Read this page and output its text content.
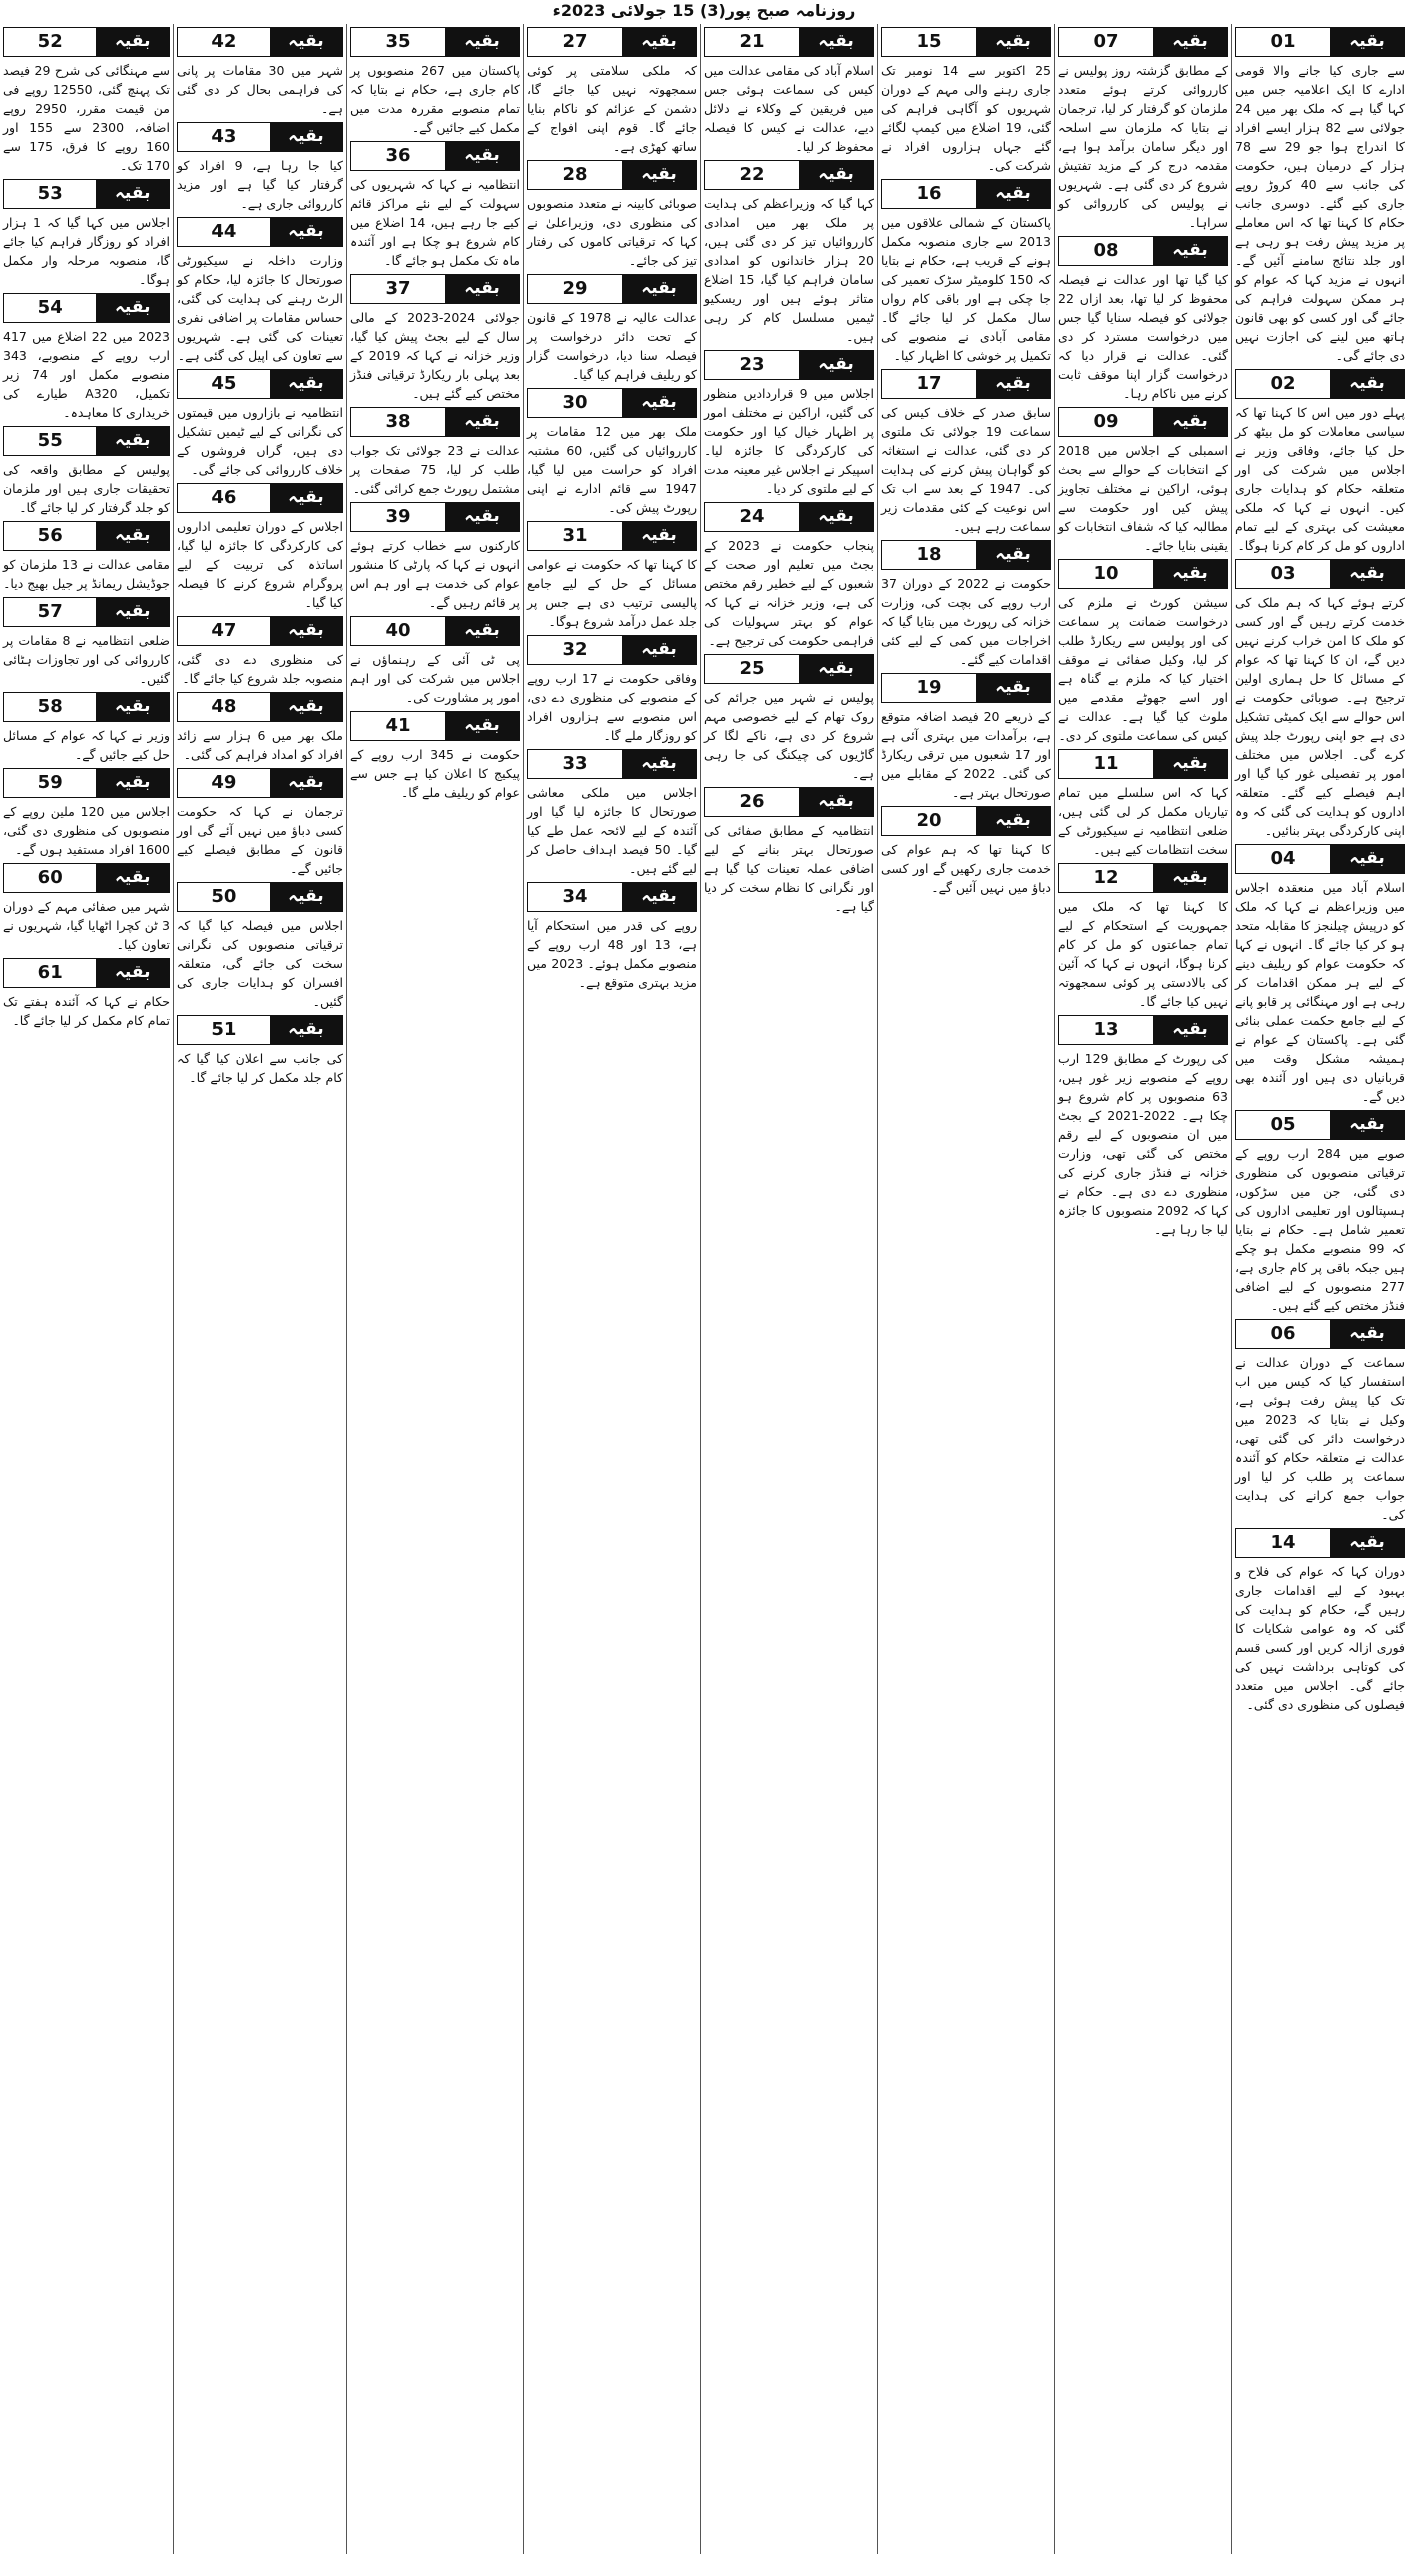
روزنامہ صبح پور(3) 15 جولائی 2023ء
01	بقیہ

سے جاری کیا جانے والا قومی ادارے کا ایک اعلامیہ جس میں کہا گیا ہے کہ ملک بھر میں 24 جولائی سے 82 ہزار ایسے افراد کا اندراج ہوا جو 29 سے 78 ہزار کے درمیان ہیں، حکومت کی جانب سے 40 کروڑ روپے جاری کیے گئے۔ دوسری جانب حکام کا کہنا تھا کہ اس معاملے پر مزید پیش رفت ہو رہی ہے اور جلد نتائج سامنے آئیں گے۔ انہوں نے مزید کہا کہ عوام کو ہر ممکن سہولت فراہم کی جائے گی اور کسی کو بھی قانون ہاتھ میں لینے کی اجازت نہیں دی جائے گی۔

02	بقیہ

پہلے دور میں اس کا کہنا تھا کہ سیاسی معاملات کو مل بیٹھ کر حل کیا جائے، وفاقی وزیر نے اجلاس میں شرکت کی اور متعلقہ حکام کو ہدایات جاری کیں۔ انہوں نے کہا کہ ملکی معیشت کی بہتری کے لیے تمام اداروں کو مل کر کام کرنا ہوگا۔

03	بقیہ

کرتے ہوئے کہا کہ ہم ملک کی خدمت کرتے رہیں گے اور کسی کو ملک کا امن خراب کرنے نہیں دیں گے، ان کا کہنا تھا کہ عوام کے مسائل کا حل ہماری اولین ترجیح ہے۔ صوبائی حکومت نے اس حوالے سے ایک کمیٹی تشکیل دی ہے جو اپنی رپورٹ جلد پیش کرے گی۔ اجلاس میں مختلف امور پر تفصیلی غور کیا گیا اور اہم فیصلے کیے گئے۔ متعلقہ اداروں کو ہدایت کی گئی کہ وہ اپنی کارکردگی بہتر بنائیں۔

04	بقیہ

اسلام آباد میں منعقدہ اجلاس میں وزیراعظم نے کہا کہ ملک کو درپیش چیلنجز کا مقابلہ متحد ہو کر کیا جائے گا۔ انہوں نے کہا کہ حکومت عوام کو ریلیف دینے کے لیے ہر ممکن اقدامات کر رہی ہے اور مہنگائی پر قابو پانے کے لیے جامع حکمت عملی بنائی گئی ہے۔ پاکستان کے عوام نے ہمیشہ مشکل وقت میں قربانیاں دی ہیں اور آئندہ بھی دیں گے۔

05	بقیہ

صوبے میں 284 ارب روپے کے ترقیاتی منصوبوں کی منظوری دی گئی، جن میں سڑکوں، ہسپتالوں اور تعلیمی اداروں کی تعمیر شامل ہے۔ حکام نے بتایا کہ 99 منصوبے مکمل ہو چکے ہیں جبکہ باقی پر کام جاری ہے، 277 منصوبوں کے لیے اضافی فنڈز مختص کیے گئے ہیں۔

06	بقیہ

سماعت کے دوران عدالت نے استفسار کیا کہ کیس میں اب تک کیا پیش رفت ہوئی ہے، وکیل نے بتایا کہ 2023 میں درخواست دائر کی گئی تھی، عدالت نے متعلقہ حکام کو آئندہ سماعت پر طلب کر لیا اور جواب جمع کرانے کی ہدایت کی۔

14	بقیہ

دوران کہا کہ عوام کی فلاح و بہبود کے لیے اقدامات جاری رہیں گے، حکام کو ہدایت کی گئی کہ وہ عوامی شکایات کا فوری ازالہ کریں اور کسی قسم کی کوتاہی برداشت نہیں کی جائے گی۔ اجلاس میں متعدد فیصلوں کی منظوری دی گئی۔

07	بقیہ

کے مطابق گزشتہ روز پولیس نے کارروائی کرتے ہوئے متعدد ملزمان کو گرفتار کر لیا، ترجمان نے بتایا کہ ملزمان سے اسلحہ اور دیگر سامان برآمد ہوا ہے، مقدمہ درج کر کے مزید تفتیش شروع کر دی گئی ہے۔ شہریوں نے پولیس کی کارروائی کو سراہا۔

08	بقیہ

کیا گیا تھا اور عدالت نے فیصلہ محفوظ کر لیا تھا، بعد ازاں 22 جولائی کو فیصلہ سنایا گیا جس میں درخواست مسترد کر دی گئی۔ عدالت نے قرار دیا کہ درخواست گزار اپنا موقف ثابت کرنے میں ناکام رہا۔

09	بقیہ

اسمبلی کے اجلاس میں 2018 کے انتخابات کے حوالے سے بحث ہوئی، اراکین نے مختلف تجاویز پیش کیں اور حکومت سے مطالبہ کیا کہ شفاف انتخابات کو یقینی بنایا جائے۔

10	بقیہ

سیشن کورٹ نے ملزم کی درخواست ضمانت پر سماعت کی اور پولیس سے ریکارڈ طلب کر لیا، وکیل صفائی نے موقف اختیار کیا کہ ملزم بے گناہ ہے اور اسے جھوٹے مقدمے میں ملوث کیا گیا ہے۔ عدالت نے کیس کی سماعت ملتوی کر دی۔

11	بقیہ

کہا کہ اس سلسلے میں تمام تیاریاں مکمل کر لی گئی ہیں، ضلعی انتظامیہ نے سیکیورٹی کے سخت انتظامات کیے ہیں۔

12	بقیہ

کا کہنا تھا کہ ملک میں جمہوریت کے استحکام کے لیے تمام جماعتوں کو مل کر کام کرنا ہوگا، انہوں نے کہا کہ آئین کی بالادستی پر کوئی سمجھوتہ نہیں کیا جائے گا۔

13	بقیہ

کی رپورٹ کے مطابق 129 ارب روپے کے منصوبے زیر غور ہیں، 63 منصوبوں پر کام شروع ہو چکا ہے۔ 2022-2021 کے بجٹ میں ان منصوبوں کے لیے رقم مختص کی گئی تھی، وزارت خزانہ نے فنڈز جاری کرنے کی منظوری دے دی ہے۔ حکام نے کہا کہ 2092 منصوبوں کا جائزہ لیا جا رہا ہے۔

15	بقیہ

25 اکتوبر سے 14 نومبر تک جاری رہنے والی مہم کے دوران شہریوں کو آگاہی فراہم کی گئی، 19 اضلاع میں کیمپ لگائے گئے جہاں ہزاروں افراد نے شرکت کی۔

16	بقیہ

پاکستان کے شمالی علاقوں میں 2013 سے جاری منصوبہ مکمل ہونے کے قریب ہے، حکام نے بتایا کہ 150 کلومیٹر سڑک تعمیر کی جا چکی ہے اور باقی کام رواں سال مکمل کر لیا جائے گا۔ مقامی آبادی نے منصوبے کی تکمیل پر خوشی کا اظہار کیا۔

17	بقیہ

سابق صدر کے خلاف کیس کی سماعت 19 جولائی تک ملتوی کر دی گئی، عدالت نے استغاثہ کو گواہان پیش کرنے کی ہدایت کی۔ 1947 کے بعد سے اب تک اس نوعیت کے کئی مقدمات زیر سماعت رہے ہیں۔

18	بقیہ

حکومت نے 2022 کے دوران 37 ارب روپے کی بچت کی، وزارت خزانہ کی رپورٹ میں بتایا گیا کہ اخراجات میں کمی کے لیے کئی اقدامات کیے گئے۔

19	بقیہ

کے ذریعے 20 فیصد اضافہ متوقع ہے، برآمدات میں بہتری آئی ہے اور 17 شعبوں میں ترقی ریکارڈ کی گئی۔ 2022 کے مقابلے میں صورتحال بہتر ہے۔

20	بقیہ

کا کہنا تھا کہ ہم عوام کی خدمت جاری رکھیں گے اور کسی دباؤ میں نہیں آئیں گے۔

21	بقیہ

اسلام آباد کی مقامی عدالت میں کیس کی سماعت ہوئی جس میں فریقین کے وکلاء نے دلائل دیے، عدالت نے کیس کا فیصلہ محفوظ کر لیا۔

22	بقیہ

کہا گیا کہ وزیراعظم کی ہدایت پر ملک بھر میں امدادی کارروائیاں تیز کر دی گئی ہیں، 20 ہزار خاندانوں کو امدادی سامان فراہم کیا گیا، 15 اضلاع متاثر ہوئے ہیں اور ریسکیو ٹیمیں مسلسل کام کر رہی ہیں۔

23	بقیہ

اجلاس میں 9 قراردادیں منظور کی گئیں، اراکین نے مختلف امور پر اظہار خیال کیا اور حکومت کی کارکردگی کا جائزہ لیا۔ اسپیکر نے اجلاس غیر معینہ مدت کے لیے ملتوی کر دیا۔

24	بقیہ

پنجاب حکومت نے 2023 کے بجٹ میں تعلیم اور صحت کے شعبوں کے لیے خطیر رقم مختص کی ہے، وزیر خزانہ نے کہا کہ عوام کو بہتر سہولیات کی فراہمی حکومت کی ترجیح ہے۔

25	بقیہ

پولیس نے شہر میں جرائم کی روک تھام کے لیے خصوصی مہم شروع کر دی ہے، ناکے لگا کر گاڑیوں کی چیکنگ کی جا رہی ہے۔

26	بقیہ

انتظامیہ کے مطابق صفائی کی صورتحال بہتر بنانے کے لیے اضافی عملہ تعینات کیا گیا ہے اور نگرانی کا نظام سخت کر دیا گیا ہے۔

27	بقیہ

کہ ملکی سلامتی پر کوئی سمجھوتہ نہیں کیا جائے گا، دشمن کے عزائم کو ناکام بنایا جائے گا۔ قوم اپنی افواج کے ساتھ کھڑی ہے۔

28	بقیہ

صوبائی کابینہ نے متعدد منصوبوں کی منظوری دی، وزیراعلیٰ نے کہا کہ ترقیاتی کاموں کی رفتار تیز کی جائے۔

29	بقیہ

عدالت عالیہ نے 1978 کے قانون کے تحت دائر درخواست پر فیصلہ سنا دیا، درخواست گزار کو ریلیف فراہم کیا گیا۔

30	بقیہ

ملک بھر میں 12 مقامات پر کارروائیاں کی گئیں، 60 مشتبہ افراد کو حراست میں لیا گیا، 1947 سے قائم ادارے نے اپنی رپورٹ پیش کی۔

31	بقیہ

کا کہنا تھا کہ حکومت نے عوامی مسائل کے حل کے لیے جامع پالیسی ترتیب دی ہے جس پر جلد عمل درآمد شروع ہوگا۔

32	بقیہ

وفاقی حکومت نے 17 ارب روپے کے منصوبے کی منظوری دے دی، اس منصوبے سے ہزاروں افراد کو روزگار ملے گا۔

33	بقیہ

اجلاس میں ملکی معاشی صورتحال کا جائزہ لیا گیا اور آئندہ کے لیے لائحہ عمل طے کیا گیا۔ 50 فیصد اہداف حاصل کر لیے گئے ہیں۔

34	بقیہ

روپے کی قدر میں استحکام آیا ہے، 13 اور 48 ارب روپے کے منصوبے مکمل ہوئے۔ 2023 میں مزید بہتری متوقع ہے۔

35	بقیہ

پاکستان میں 267 منصوبوں پر کام جاری ہے، حکام نے بتایا کہ تمام منصوبے مقررہ مدت میں مکمل کیے جائیں گے۔

36	بقیہ

انتظامیہ نے کہا کہ شہریوں کی سہولت کے لیے نئے مراکز قائم کیے جا رہے ہیں، 14 اضلاع میں کام شروع ہو چکا ہے اور آئندہ ماہ تک مکمل ہو جائے گا۔

37	بقیہ

جولائی 2024-2023 کے مالی سال کے لیے بجٹ پیش کیا گیا، وزیر خزانہ نے کہا کہ 2019 کے بعد پہلی بار ریکارڈ ترقیاتی فنڈز مختص کیے گئے ہیں۔

38	بقیہ

عدالت نے 23 جولائی تک جواب طلب کر لیا، 75 صفحات پر مشتمل رپورٹ جمع کرائی گئی۔

39	بقیہ

کارکنوں سے خطاب کرتے ہوئے انہوں نے کہا کہ پارٹی کا منشور عوام کی خدمت ہے اور ہم اس پر قائم رہیں گے۔

40	بقیہ

پی ٹی آئی کے رہنماؤں نے اجلاس میں شرکت کی اور اہم امور پر مشاورت کی۔

41	بقیہ

حکومت نے 345 ارب روپے کے پیکیج کا اعلان کیا ہے جس سے عوام کو ریلیف ملے گا۔

42	بقیہ

شہر میں 30 مقامات پر پانی کی فراہمی بحال کر دی گئی ہے۔

43	بقیہ

کیا جا رہا ہے، 9 افراد کو گرفتار کیا گیا ہے اور مزید کارروائی جاری ہے۔

44	بقیہ

وزارت داخلہ نے سیکیورٹی صورتحال کا جائزہ لیا، حکام کو الرٹ رہنے کی ہدایت کی گئی، حساس مقامات پر اضافی نفری تعینات کی گئی ہے۔ شہریوں سے تعاون کی اپیل کی گئی ہے۔

45	بقیہ

انتظامیہ نے بازاروں میں قیمتوں کی نگرانی کے لیے ٹیمیں تشکیل دی ہیں، گراں فروشوں کے خلاف کارروائی کی جائے گی۔

46	بقیہ

اجلاس کے دوران تعلیمی اداروں کی کارکردگی کا جائزہ لیا گیا، اساتذہ کی تربیت کے لیے پروگرام شروع کرنے کا فیصلہ کیا گیا۔

47	بقیہ

کی منظوری دے دی گئی، منصوبہ جلد شروع کیا جائے گا۔

48	بقیہ

ملک بھر میں 6 ہزار سے زائد افراد کو امداد فراہم کی گئی۔

49	بقیہ

ترجمان نے کہا کہ حکومت کسی دباؤ میں نہیں آئے گی اور قانون کے مطابق فیصلے کیے جائیں گے۔

50	بقیہ

اجلاس میں فیصلہ کیا گیا کہ ترقیاتی منصوبوں کی نگرانی سخت کی جائے گی، متعلقہ افسران کو ہدایات جاری کی گئیں۔

51	بقیہ

کی جانب سے اعلان کیا گیا کہ کام جلد مکمل کر لیا جائے گا۔

52	بقیہ

سے مہنگائی کی شرح 29 فیصد تک پہنچ گئی، 12550 روپے فی من قیمت مقرر، 2950 روپے اضافہ، 2300 سے 155 اور 160 روپے کا فرق، 175 سے 170 تک۔

53	بقیہ

اجلاس میں کہا گیا کہ 1 ہزار افراد کو روزگار فراہم کیا جائے گا، منصوبہ مرحلہ وار مکمل ہوگا۔

54	بقیہ

2023 میں 22 اضلاع میں 417 ارب روپے کے منصوبے، 343 منصوبے مکمل اور 74 زیر تکمیل، A320 طیارے کی خریداری کا معاہدہ۔

55	بقیہ

پولیس کے مطابق واقعہ کی تحقیقات جاری ہیں اور ملزمان کو جلد گرفتار کر لیا جائے گا۔

56	بقیہ

مقامی عدالت نے 13 ملزمان کو جوڈیشل ریمانڈ پر جیل بھیج دیا۔

57	بقیہ

ضلعی انتظامیہ نے 8 مقامات پر کارروائی کی اور تجاوزات ہٹائی گئیں۔

58	بقیہ

وزیر نے کہا کہ عوام کے مسائل حل کیے جائیں گے۔

59	بقیہ

اجلاس میں 120 ملین روپے کے منصوبوں کی منظوری دی گئی، 1600 افراد مستفید ہوں گے۔

60	بقیہ

شہر میں صفائی مہم کے دوران 3 ٹن کچرا اٹھایا گیا، شہریوں نے تعاون کیا۔

61	بقیہ

حکام نے کہا کہ آئندہ ہفتے تک تمام کام مکمل کر لیا جائے گا۔
